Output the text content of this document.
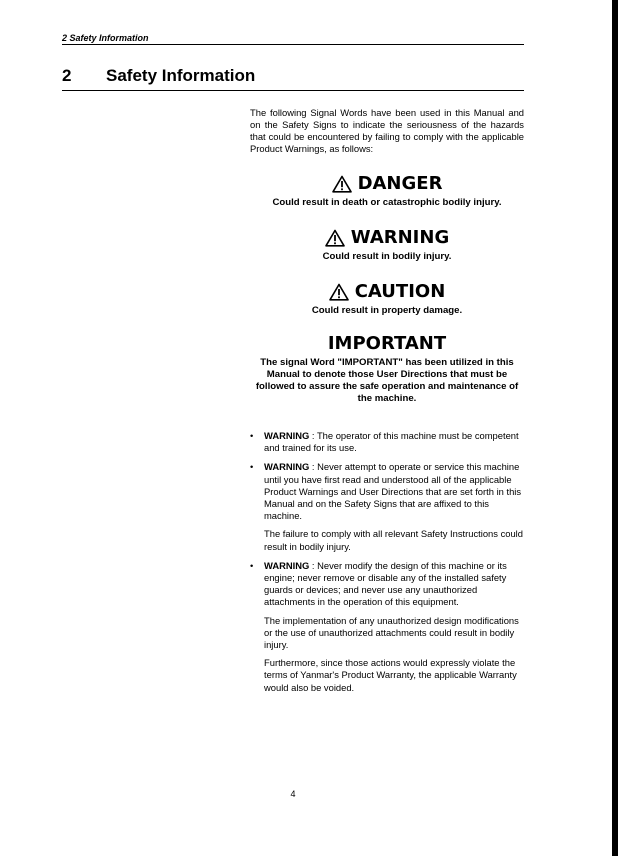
2 Safety Information
2	Safety Information

The following Signal Words have been used in this Manual and on the Safety Signs to indicate the seriousness of the hazards that could be encountered by failing to comply with the applicable Product Warnings, as follows:

DANGER
Could result in death or catastrophic bodily injury.
WARNING
Could result in bodily injury.
CAUTION
Could result in property damage.
IMPORTANT
The signal Word "IMPORTANT" has been utilized in this Manual to denote those User Directions that must be followed to assure the safe operation and maintenance of the machine.
• WARNING : The operator of this machine must be competent and trained for its use.

• WARNING : Never attempt to operate or service this machine until you have first read and understood all of the applicable Product Warnings and User Directions that are set forth in this Manual and on the Safety Signs that are affixed to this machine.

The failure to comply with all relevant Safety Instructions could result in bodily injury.

• WARNING : Never modify the design of this machine or its engine; never remove or disable any of the installed safety guards or devices; and never use any unauthorized attachments in the operation of this equipment.

The implementation of any unauthorized design modifications or the use of unauthorized attachments could result in bodily injury.

Furthermore, since those actions would expressly violate the terms of Yanmar's Product Warranty, the applicable Warranty would also be voided.

4
